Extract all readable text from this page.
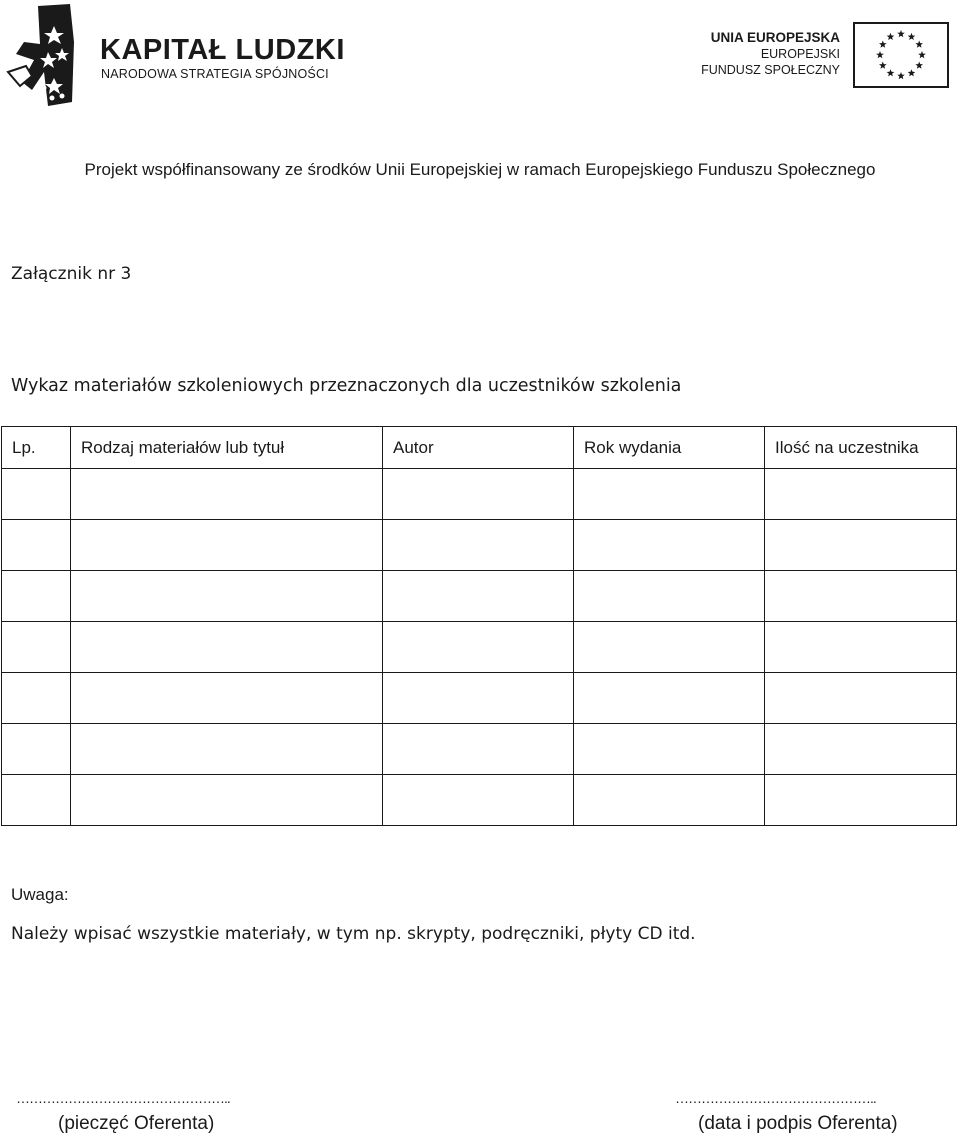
KAPITAŁ LUDZKI
NARODOWA STRATEGIA SPÓJNOŚCI
UNIA EUROPEJSKA
EUROPEJSKI
FUNDUSZ SPOŁECZNY
Projekt współfinansowany ze środków Unii Europejskiej w ramach Europejskiego Funduszu Społecznego
Załącznik nr 3
Wykaz materiałów szkoleniowych przeznaczonych dla uczestników szkolenia
Lp.	Rodzaj materiałów lub tytuł	Autor	Rok wydania	Ilość na uczestnika

Uwaga:
Należy wpisać wszystkie materiały, w tym np. skrypty, podręczniki, płyty CD itd.
…………………………………………..
(pieczęć Oferenta)
………………………………………..
(data i podpis Oferenta)
